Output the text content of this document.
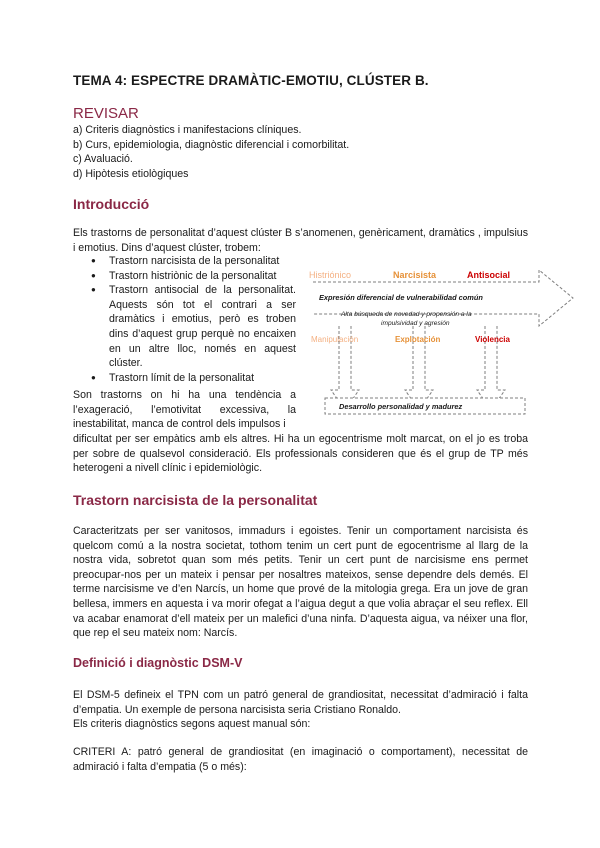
TEMA 4: ESPECTRE DRAMÀTIC-EMOTIU, CLÚSTER B.
REVISAR
a) Criteris diagnòstics i manifestacions clíniques.
b) Curs, epidemiologia, diagnòstic diferencial i comorbilitat.
c) Avaluació.
d) Hipòtesis etiològiques
Introducció
Els trastorns de personalitat d’aquest clúster B s’anomenen, genèricament, dramàtics , impulsius i emotius. Dins d’aquest clúster, trobem:
● Trastorn narcisista de la personalitat
● Trastorn histriònic de la personalitat
● Trastorn antisocial de la personalitat. Aquests són tot el contrari a ser dramàtics i emotius, però es troben dins d’aquest grup perquè no encaixen en un altre lloc, només en aquest clúster.
● Trastorn límit de la personalitat
Son trastorns on hi ha una tendència a l’exageració, l’emotivitat excessiva, la inestabilitat, manca de control dels impulsos i
dificultat per ser empàtics amb els altres. Hi ha un egocentrisme molt marcat, on el jo es troba per sobre de qualsevol consideració. Els professionals consideren que és el grup de TP més heterogeni a nivell clínic i epidemiològic.
Trastorn narcisista de la personalitat
Caracteritzats per ser vanitosos, immadurs i egoistes. Tenir un comportament narcisista és quelcom comú a la nostra societat, tothom tenim un cert punt de egocentrisme al llarg de la nostra vida, sobretot quan som més petits. Tenir un cert punt de narcisisme ens permet preocupar-nos per un mateix i pensar per nosaltres mateixos, sense dependre dels demés. El terme narcisisme ve d’en Narcís, un home que prové de la mitologia grega. Era un jove de gran bellesa, immers en aquesta i va morir ofegat a l’aigua degut a que volia abraçar el seu reflex. Ell va acabar enamorat d’ell mateix per un malefici d’una ninfa. D’aquesta aigua, va néixer una flor, que rep el seu mateix nom: Narcís.
Definició i diagnòstic DSM-V
El DSM-5 defineix el TPN com un patró general de grandiositat, necessitat d’admiració i falta d’empatia. Un exemple de persona narcisista seria Cristiano Ronaldo.
Els criteris diagnòstics segons aquest manual són:
CRITERI A: patró general de grandiositat (en imaginació o comportament), necessitat de admiració i falta d’empatia (5 o més):
Histriónico	Narcisista	Antisocial
Expresión diferencial de vulnerabilidad común
Alta búsqueda de novedad y propensión a la
impulsividad y agresión
Manipulación	Explotación	Violencia
Desarrollo personalidad y madurez
